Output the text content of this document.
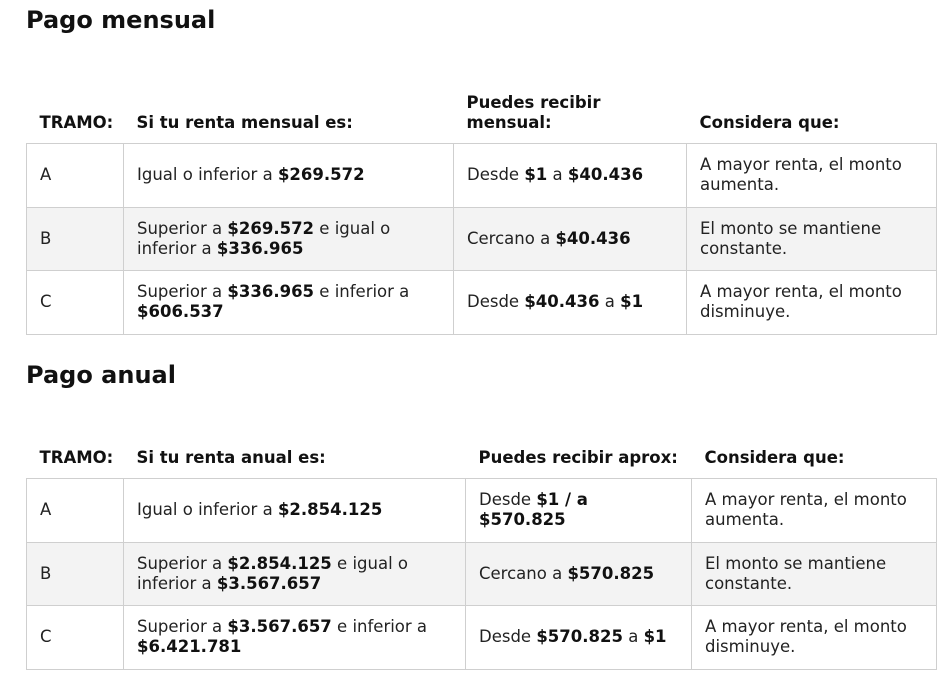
Pago mensual
TRAMO:	Si tu renta mensual es:	Puedes recibir mensual:	Considera que:
A	Igual o inferior a $269.572	Desde $1 a $40.436	A mayor renta, el monto aumenta.
B	Superior a $269.572 e igual o inferior a $336.965	Cercano a $40.436	El monto se mantiene constante.
C	Superior a $336.965 e inferior a $606.537	Desde $40.436 a $1	A mayor renta, el monto disminuye.
Pago anual
TRAMO:	Si tu renta anual es:	Puedes recibir aprox:	Considera que:
A	Igual o inferior a $2.854.125	Desde $1 / a $570.825	A mayor renta, el monto aumenta.
B	Superior a $2.854.125 e igual o inferior a $3.567.657	Cercano a $570.825	El monto se mantiene constante.
C	Superior a $3.567.657 e inferior a $6.421.781	Desde $570.825 a $1	A mayor renta, el monto disminuye.
